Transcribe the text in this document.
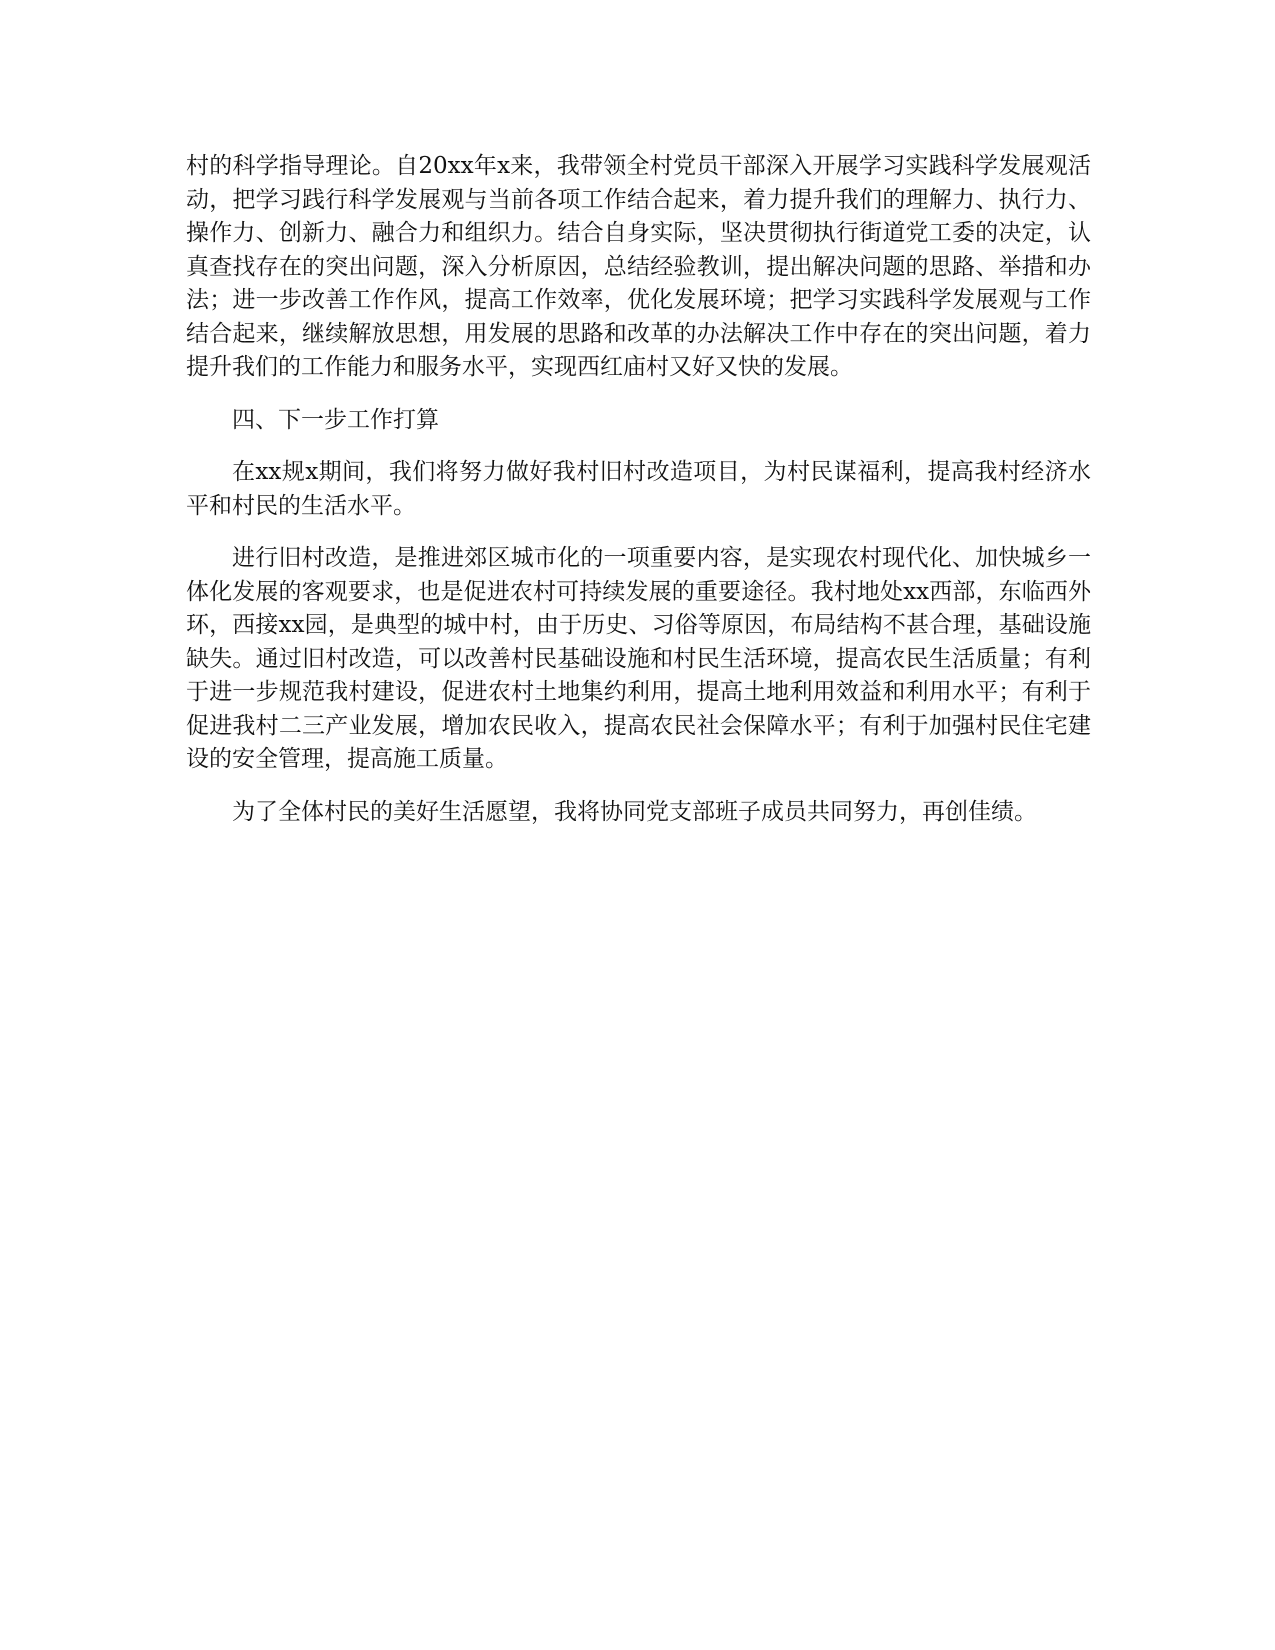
村的科学指导理论。自20xx年x来，我带领全村党员干部深入开展学习实践科学发展观活动，把学习践行科学发展观与当前各项工作结合起来，着力提升我们的理解力、执行力、操作力、创新力、融合力和组织力。结合自身实际，坚决贯彻执行街道党工委的决定，认真查找存在的突出问题，深入分析原因，总结经验教训，提出解决问题的思路、举措和办法；进一步改善工作作风，提高工作效率，优化发展环境；把学习实践科学发展观与工作结合起来，继续解放思想，用发展的思路和改革的办法解决工作中存在的突出问题，着力提升我们的工作能力和服务水平，实现西红庙村又好又快的发展。

四、下一步工作打算

在xx规x期间，我们将努力做好我村旧村改造项目，为村民谋福利，提高我村经济水平和村民的生活水平。

进行旧村改造，是推进郊区城市化的一项重要内容，是实现农村现代化、加快城乡一体化发展的客观要求，也是促进农村可持续发展的重要途径。我村地处xx西部，东临西外环，西接xx园，是典型的城中村，由于历史、习俗等原因，布局结构不甚合理，基础设施缺失。通过旧村改造，可以改善村民基础设施和村民生活环境，提高农民生活质量；有利于进一步规范我村建设，促进农村土地集约利用，提高土地利用效益和利用水平；有利于促进我村二三产业发展，增加农民收入，提高农民社会保障水平；有利于加强村民住宅建设的安全管理，提高施工质量。

为了全体村民的美好生活愿望，我将协同党支部班子成员共同努力，再创佳绩。
